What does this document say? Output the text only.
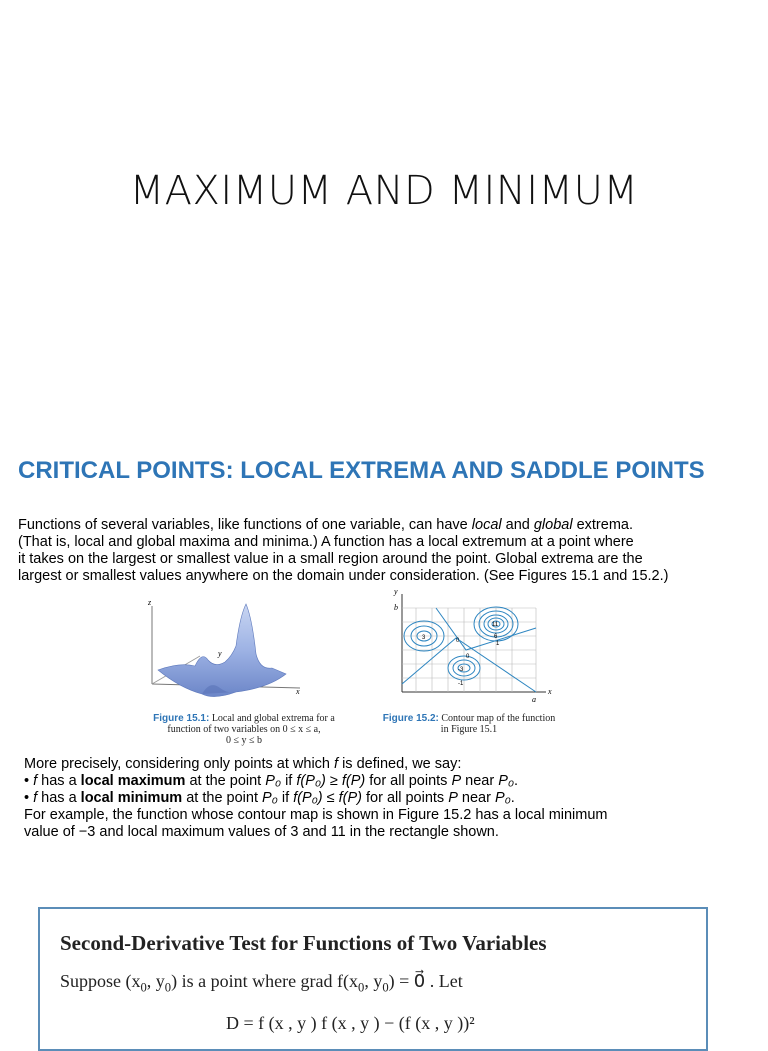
MAXIMUM AND MINIMUM
CRITICAL POINTS: LOCAL EXTREMA AND SADDLE POINTS
Functions of several variables, like functions of one variable, can have local and global extrema.
(That is, local and global maxima and minima.) A function has a local extremum at a point where
it takes on the largest or smallest value in a small region around the point. Global extrema are the
largest or smallest values anywhere on the domain under consideration. (See Figures 15.1 and 15.2.)
z
x
y
Figure 15.1: Local and global extrema for a
function of two variables on 0 ≤ x ≤ a,
0 ≤ y ≤ b
y
b
x
a
3
11
6
1
0
-3
-1
0
Figure 15.2: Contour map of the function
in Figure 15.1
More precisely, considering only points at which f is defined, we say:
• f has a local maximum at the point P₀ if f(P₀) ≥ f(P) for all points P near P₀.
• f has a local minimum at the point P₀ if f(P₀) ≤ f(P) for all points P near P₀.
For example, the function whose contour map is shown in Figure 15.2 has a local minimum
value of −3 and local maximum values of 3 and 11 in the rectangle shown.
Second-Derivative Test for Functions of Two Variables
Suppose ($x_0$, $y_0$) is a point where grad $f(x_0$, $y_0$) = 0⃗ . Let
D = f (x , y ) f (x , y ) − (f (x , y ))²
